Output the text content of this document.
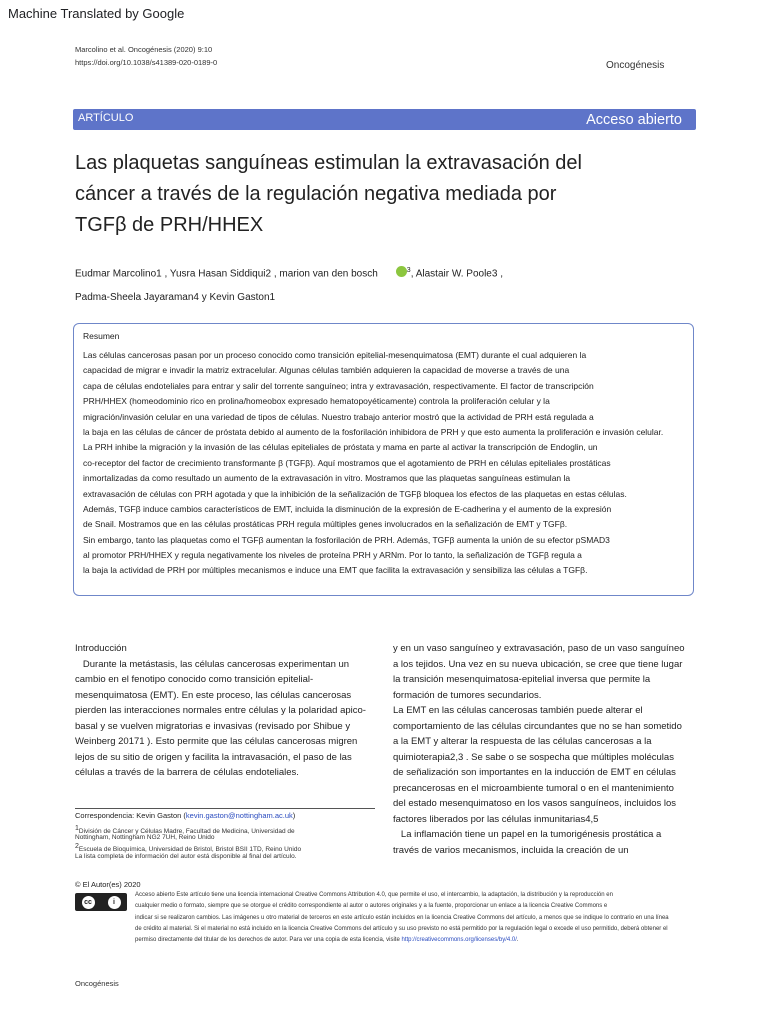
Machine Translated by Google
Marcolino et al. Oncogénesis (2020) 9:10
https://doi.org/10.1038/s41389-020-0189-0	Oncogénesis
ARTÍCULO	Acceso abierto
Las plaquetas sanguíneas estimulan la extravasación del
cáncer a través de la regulación negativa mediada por
TGFβ de PRH/HHEX
Eudmar Marcolino1 , Yusra Hasan Siddiqui2 , marion van den bosch	$^3$, Alastair W. Poole3 ,
Padma-Sheela Jayaraman4 y Kevin Gaston1
Resumen
Las células cancerosas pasan por un proceso conocido como transición epitelial-mesenquimatosa (EMT) durante el cual adquieren la
capacidad de migrar e invadir la matriz extracelular. Algunas células también adquieren la capacidad de moverse a través de una
capa de células endoteliales para entrar y salir del torrente sanguíneo; intra y extravasación, respectivamente. El factor de transcripción
PRH/HHEX (homeodominio rico en prolina/homeobox expresado hematopoyéticamente) controla la proliferación celular y la
migración/invasión celular en una variedad de tipos de células. Nuestro trabajo anterior mostró que la actividad de PRH está regulada a
la baja en las células de cáncer de próstata debido al aumento de la fosforilación inhibidora de PRH y que esto aumenta la proliferación e invasión celular.
La PRH inhibe la migración y la invasión de las células epiteliales de próstata y mama en parte al activar la transcripción de Endoglin, un
co-receptor del factor de crecimiento transformante β (TGFβ). Aquí mostramos que el agotamiento de PRH en células epiteliales prostáticas
inmortalizadas da como resultado un aumento de la extravasación in vitro. Mostramos que las plaquetas sanguíneas estimulan la
extravasación de células con PRH agotada y que la inhibición de la señalización de TGFβ bloquea los efectos de las plaquetas en estas células.
Además, TGFβ induce cambios característicos de EMT, incluida la disminución de la expresión de E-cadherina y el aumento de la expresión
de Snail. Mostramos que en las células prostáticas PRH regula múltiples genes involucrados en la señalización de EMT y TGFβ.
Sin embargo, tanto las plaquetas como el TGFβ aumentan la fosforilación de PRH. Además, TGFβ aumenta la unión de su efector pSMAD3
al promotor PRH/HHEX y regula negativamente los niveles de proteína PRH y ARNm. Por lo tanto, la señalización de TGFβ regula a
la baja la actividad de PRH por múltiples mecanismos e induce una EMT que facilita la extravasación y sensibiliza las células a TGFβ.
Introducción
Durante la metástasis, las células cancerosas experimentan un
cambio en el fenotipo conocido como transición epitelial-
mesenquimatosa (EMT). En este proceso, las células cancerosas
pierden las interacciones normales entre células y la polaridad apico-
basal y se vuelven migratorias e invasivas (revisado por Shibue y
Weinberg 20171 ). Esto permite que las células cancerosas migren
lejos de su sitio de origen y facilita la intravasación, el paso de las
células a través de la barrera de células endoteliales.
y en un vaso sanguíneo y extravasación, paso de un vaso sanguíneo
a los tejidos. Una vez en su nueva ubicación, se cree que tiene lugar
la transición mesenquimatosa-epitelial inversa que permite la
formación de tumores secundarios.
La EMT en las células cancerosas también puede alterar el
comportamiento de las células circundantes que no se han sometido
a la EMT y alterar la respuesta de las células cancerosas a la
quimioterapia2,3 . Se sabe o se sospecha que múltiples moléculas
de señalización son importantes en la inducción de EMT en células
precancerosas en el microambiente tumoral o en el mantenimiento
del estado mesenquimatoso en los vasos sanguíneos, incluidos los
factores liberados por las células inmunitarias4,5
La inflamación tiene un papel en la tumorigénesis prostática a
través de varios mecanismos, incluida la creación de un
Correspondencia: Kevin Gaston (kevin.gaston@nottingham.ac.uk)
$^1$División de Cáncer y Células Madre, Facultad de Medicina, Universidad de
Nottingham, Nottingham NG2 7UH, Reino Unido
$^2$Escuela de Bioquímica, Universidad de Bristol, Bristol BSII 1TD, Reino Unido
La lista completa de información del autor está disponible al final del artículo.
© El Autor(es) 2020
cc	i
Acceso abierto Este artículo tiene una licencia internacional Creative Commons Attribution 4.0, que permite el uso, el intercambio, la adaptación, la distribución y la reproducción en
cualquier medio o formato, siempre que se otorgue el crédito correspondiente al autor o autores originales y a la fuente, proporcionar un enlace a la licencia Creative Commons e
indicar si se realizaron cambios. Las imágenes u otro material de terceros en este artículo están incluidos en la licencia Creative Commons del artículo, a menos que se indique lo contrario en una línea
de crédito al material. Si el material no está incluido en la licencia Creative Commons del artículo y su uso previsto no está permitido por la regulación legal o excede el uso permitido, deberá obtener el
permiso directamente del titular de los derechos de autor. Para ver una copia de esta licencia, visite http://creativecommons.org/licenses/by/4.0/.
Oncogénesis
